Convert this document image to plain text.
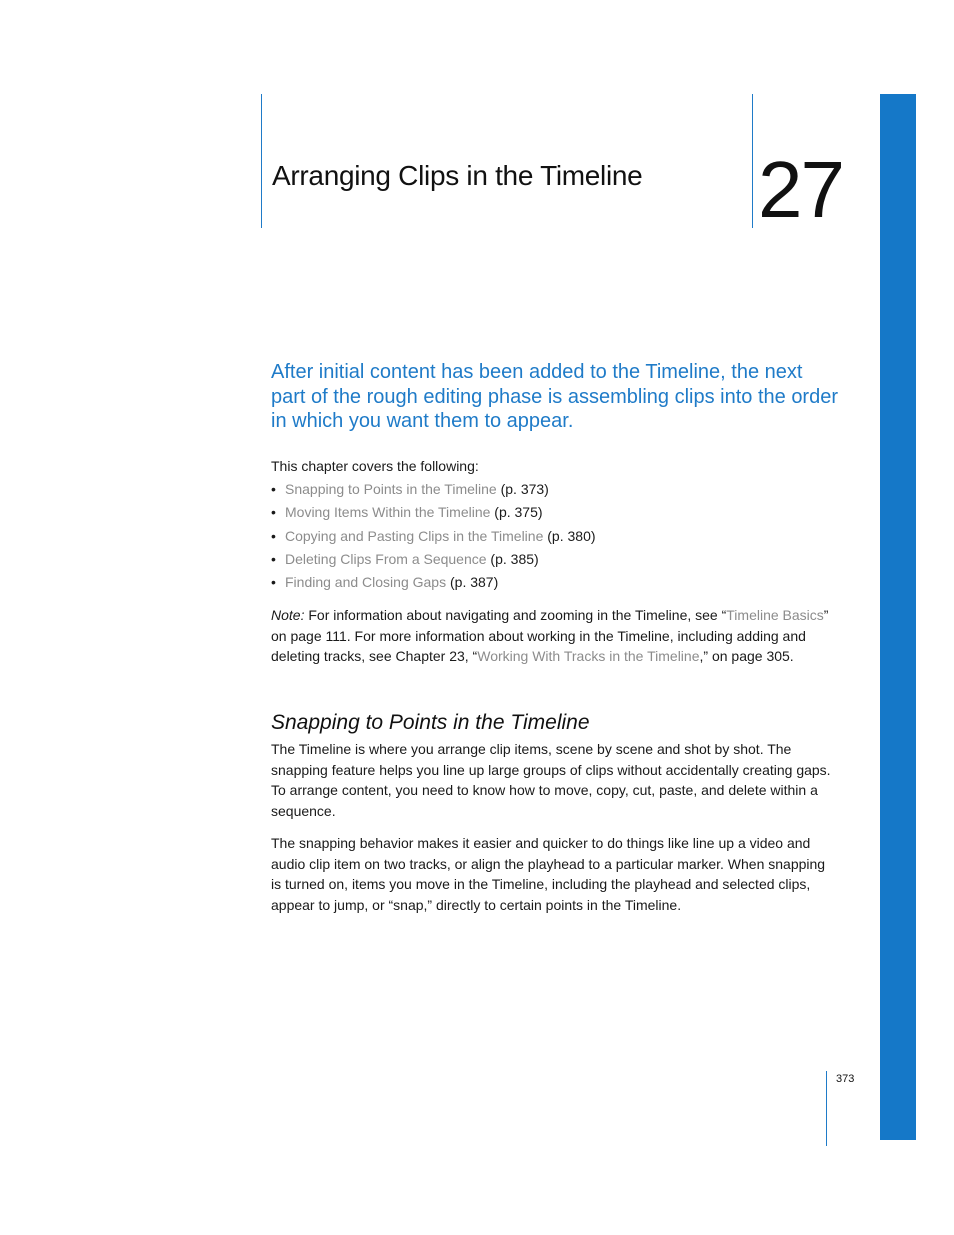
Arranging Clips in the Timeline 27

After initial content has been added to the Timeline, the next part of the rough editing phase is assembling clips into the order in which you want them to appear.

This chapter covers the following:

• Snapping to Points in the Timeline (p. 373)
• Moving Items Within the Timeline (p. 375)
• Copying and Pasting Clips in the Timeline (p. 380)
• Deleting Clips From a Sequence (p. 385)
• Finding and Closing Gaps (p. 387)

Note: For information about navigating and zooming in the Timeline, see “Timeline Basics” on page 111. For more information about working in the Timeline, including adding and deleting tracks, see Chapter 23, “Working With Tracks in the Timeline,” on page 305.

Snapping to Points in the Timeline

The Timeline is where you arrange clip items, scene by scene and shot by shot. The snapping feature helps you line up large groups of clips without accidentally creating gaps. To arrange content, you need to know how to move, copy, cut, paste, and delete within a sequence.

The snapping behavior makes it easier and quicker to do things like line up a video and audio clip item on two tracks, or align the playhead to a particular marker. When snapping is turned on, items you move in the Timeline, including the playhead and selected clips, appear to jump, or “snap,” directly to certain points in the Timeline.

373
